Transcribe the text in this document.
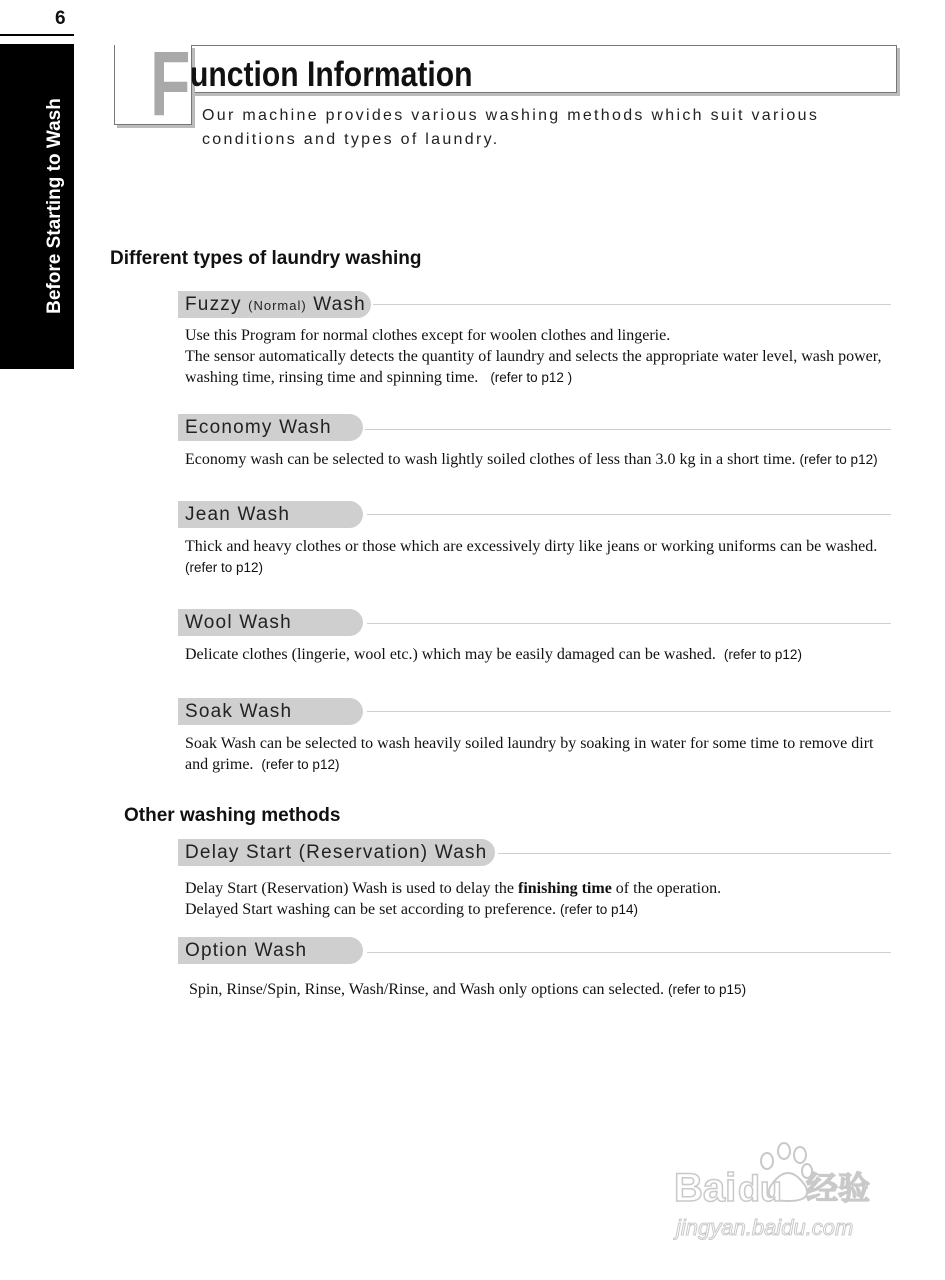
6
Before Starting to Wash
F unction Information
Our machine provides various washing methods which suit various conditions and types of laundry.
Different types of laundry washing
Fuzzy (Normal) Wash
Use this Program for normal clothes except for woolen clothes and lingerie.
The sensor automatically detects the quantity of laundry and selects the appropriate water level, wash power, washing time, rinsing time and spinning time. (refer to p12 )
Economy Wash
Economy wash can be selected to wash lightly soiled clothes of less than 3.0 kg in a short time. (refer to p12)
Jean Wash
Thick and heavy clothes or those which are excessively dirty like jeans or working uniforms can be washed.
(refer to p12)
Wool Wash
Delicate clothes (lingerie, wool etc.) which may be easily damaged can be washed. (refer to p12)
Soak Wash
Soak Wash can be selected to wash heavily soiled laundry by soaking in water for some time to remove dirt and grime. (refer to p12)
Other washing methods
Delay Start (Reservation) Wash
Delay Start (Reservation) Wash is used to delay the finishing time of the operation.
Delayed Start washing can be set according to preference. (refer to p14)
Option Wash
Spin, Rinse/Spin, Rinse, Wash/Rinse, and Wash only options can selected. (refer to p15)
Bai du 经验
jingyan.baidu.com
